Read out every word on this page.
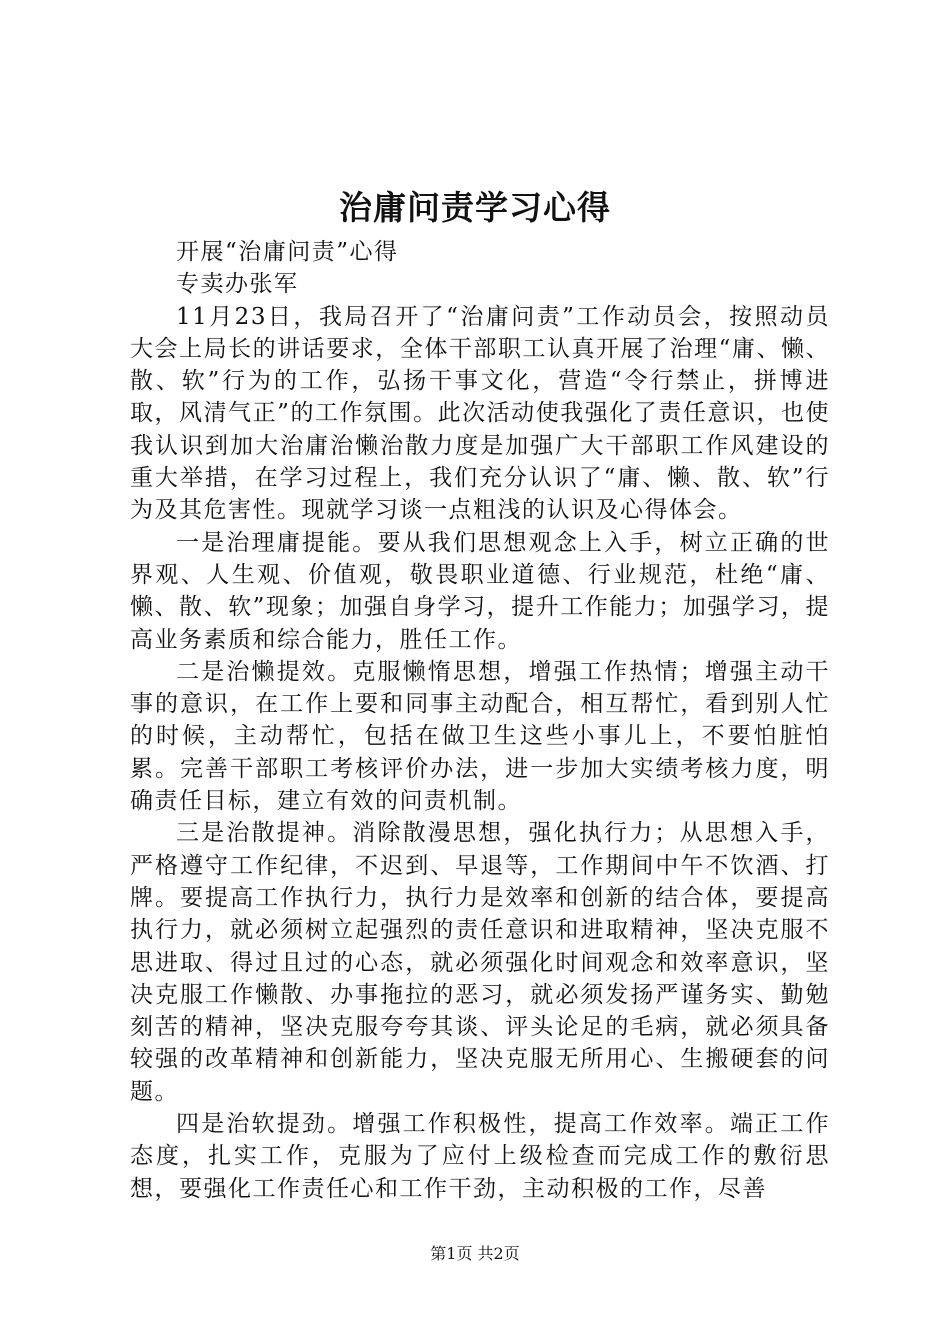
治庸问责学习心得

开展“治庸问责”心得

专卖办张军

11月23日，我局召开了“治庸问责”工作动员会，按照动员大会上局长的讲话要求，全体干部职工认真开展了治理“庸、懒、散、软”行为的工作，弘扬干事文化，营造“令行禁止，拼博进取，风清气正”的工作氛围。此次活动使我强化了责任意识，也使我认识到加大治庸治懒治散力度是加强广大干部职工作风建设的重大举措，在学习过程上，我们充分认识了“庸、懒、散、软”行为及其危害性。现就学习谈一点粗浅的认识及心得体会。

一是治理庸提能。要从我们思想观念上入手，树立正确的世界观、人生观、价值观，敬畏职业道德、行业规范，杜绝“庸、懒、散、软”现象；加强自身学习，提升工作能力；加强学习，提高业务素质和综合能力，胜任工作。

二是治懒提效。克服懒惰思想，增强工作热情；增强主动干事的意识，在工作上要和同事主动配合，相互帮忙，看到别人忙的时候，主动帮忙，包括在做卫生这些小事儿上，不要怕脏怕累。完善干部职工考核评价办法，进一步加大实绩考核力度，明确责任目标，建立有效的问责机制。

三是治散提神。消除散漫思想，强化执行力；从思想入手，严格遵守工作纪律，不迟到、早退等，工作期间中午不饮酒、打牌。要提高工作执行力，执行力是效率和创新的结合体，要提高执行力，就必须树立起强烈的责任意识和进取精神，坚决克服不思进取、得过且过的心态，就必须强化时间观念和效率意识，坚决克服工作懒散、办事拖拉的恶习，就必须发扬严谨务实、勤勉刻苦的精神，坚决克服夸夸其谈、评头论足的毛病，就必须具备较强的改革精神和创新能力，坚决克服无所用心、生搬硬套的问题。

四是治软提劲。增强工作积极性，提高工作效率。端正工作态度，扎实工作，克服为了应付上级检查而完成工作的敷衍思想，要强化工作责任心和工作干劲，主动积极的工作，尽善

第1页 共2页
